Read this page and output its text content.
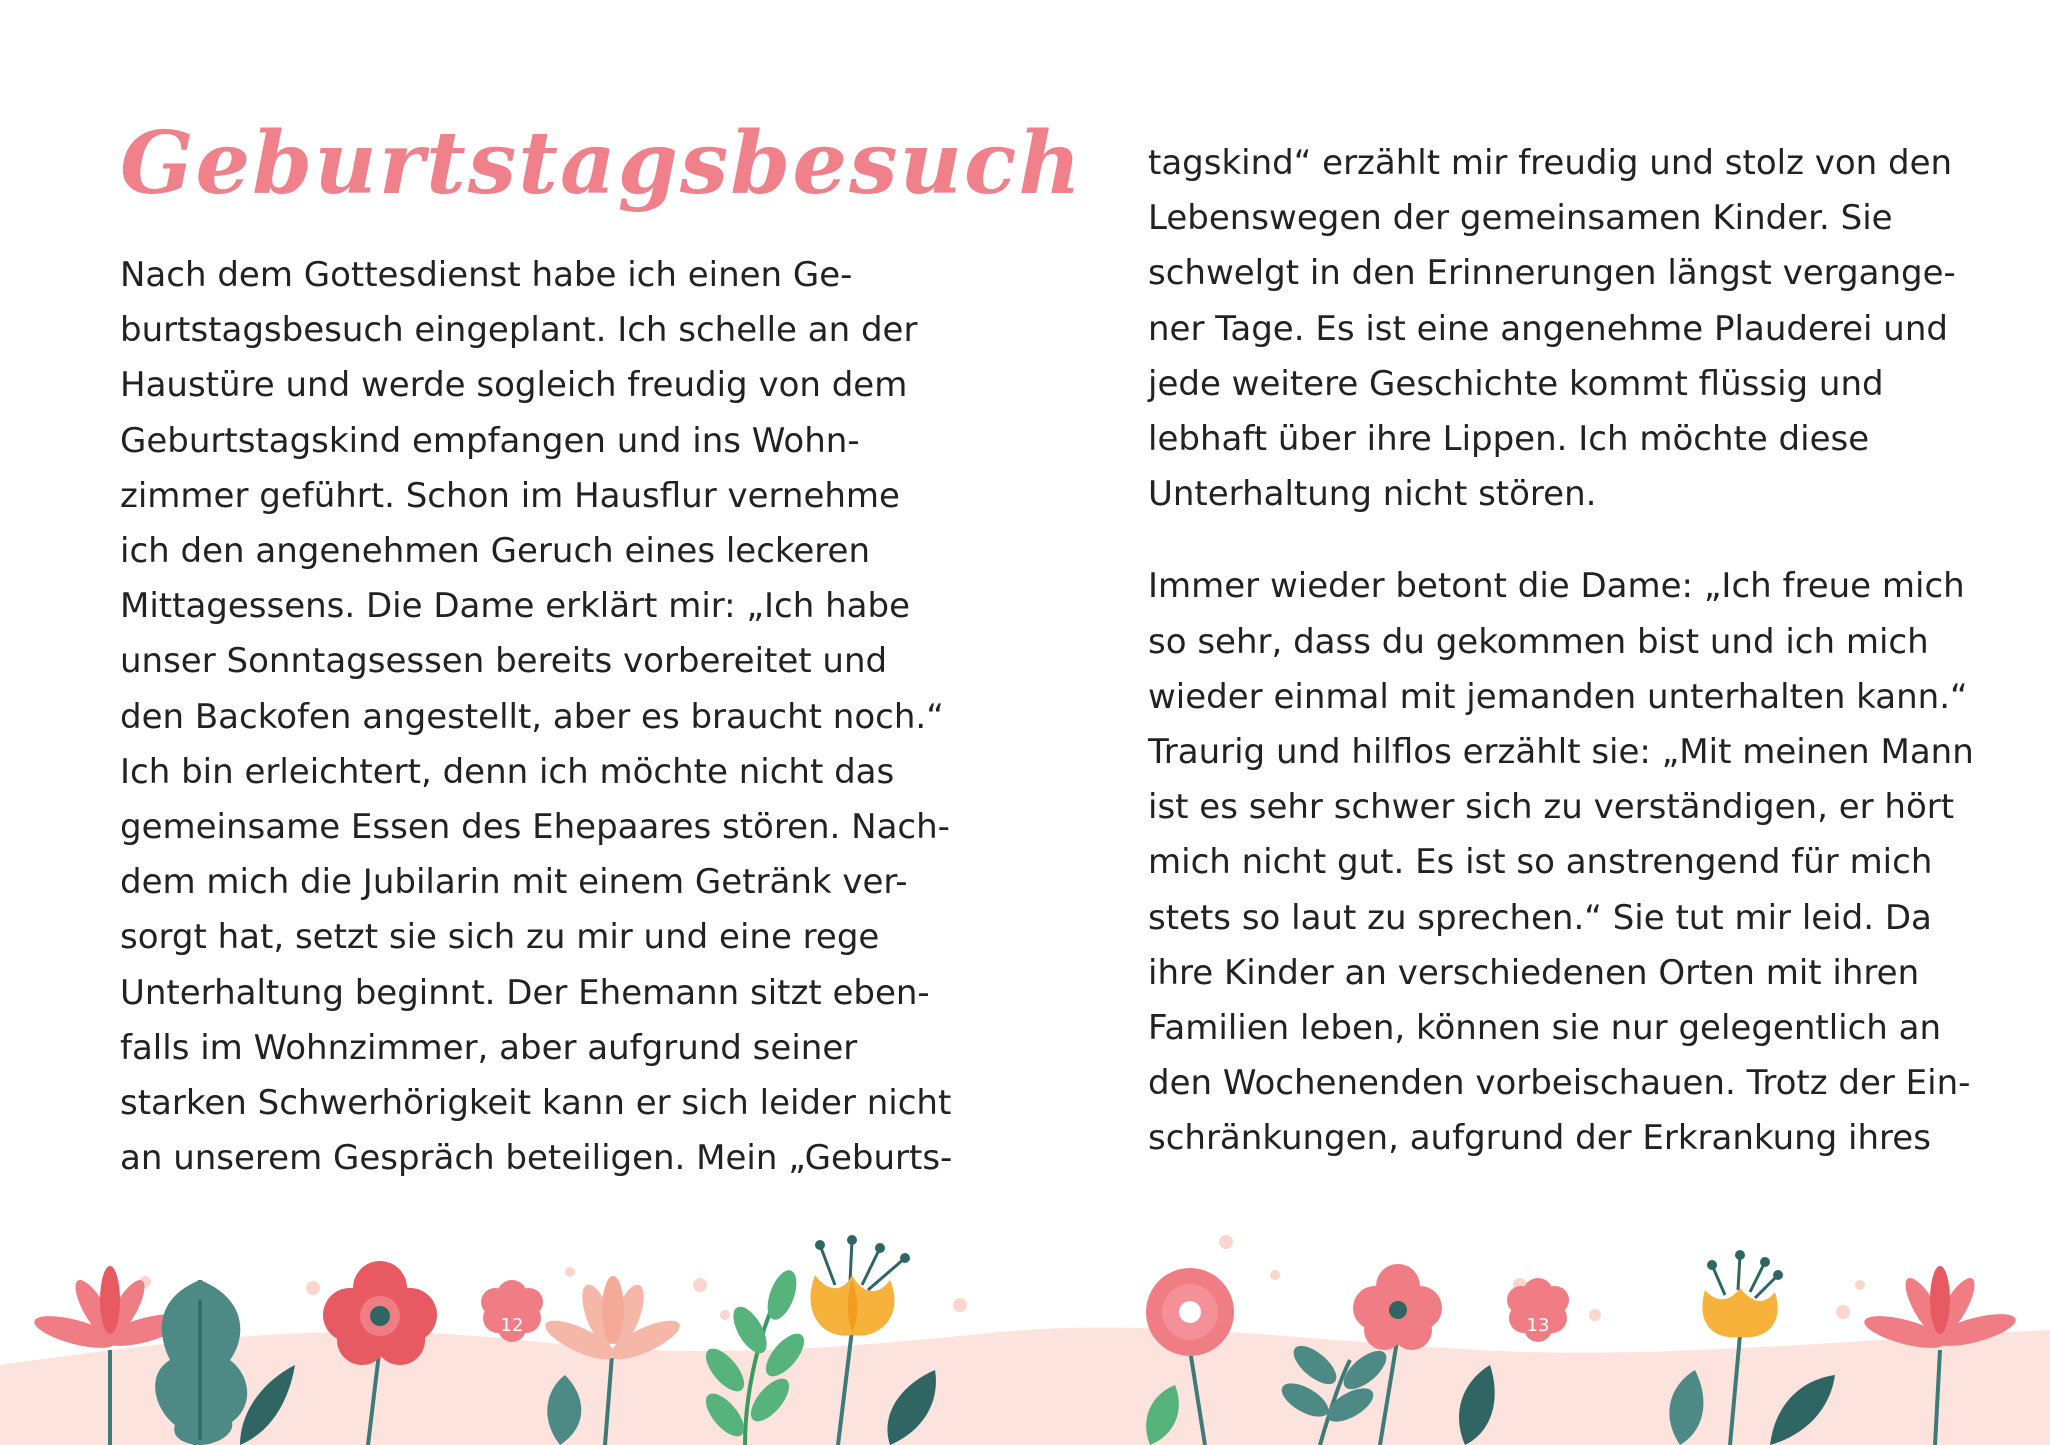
Geburtstagsbesuch
Nach dem Gottesdienst habe ich einen Ge-
burtstagsbesuch eingeplant. Ich schelle an der
Haustüre und werde sogleich freudig von dem
Geburtstagskind empfangen und ins Wohn-
zimmer geführt. Schon im Hausflur vernehme
ich den angenehmen Geruch eines leckeren
Mittagessens. Die Dame erklärt mir: „Ich habe
unser Sonntagsessen bereits vorbereitet und
den Backofen angestellt, aber es braucht noch.“
Ich bin erleichtert, denn ich möchte nicht das
gemeinsame Essen des Ehepaares stören. Nach-
dem mich die Jubilarin mit einem Getränk ver-
sorgt hat, setzt sie sich zu mir und eine rege
Unterhaltung beginnt. Der Ehemann sitzt eben-
falls im Wohnzimmer, aber aufgrund seiner
starken Schwerhörigkeit kann er sich leider nicht
an unserem Gespräch beteiligen. Mein „Geburts-
tagskind“ erzählt mir freudig und stolz von den
Lebenswegen der gemeinsamen Kinder. Sie
schwelgt in den Erinnerungen längst vergange-
ner Tage. Es ist eine angenehme Plauderei und
jede weitere Geschichte kommt flüssig und
lebhaft über ihre Lippen. Ich möchte diese
Unterhaltung nicht stören.
Immer wieder betont die Dame: „Ich freue mich
so sehr, dass du gekommen bist und ich mich
wieder einmal mit jemanden unterhalten kann.“
Traurig und hilflos erzählt sie: „Mit meinen Mann
ist es sehr schwer sich zu verständigen, er hört
mich nicht gut. Es ist so anstrengend für mich
stets so laut zu sprechen.“ Sie tut mir leid. Da
ihre Kinder an verschiedenen Orten mit ihren
Familien leben, können sie nur gelegentlich an
den Wochenenden vorbeischauen. Trotz der Ein-
schränkungen, aufgrund der Erkrankung ihres
12	13
